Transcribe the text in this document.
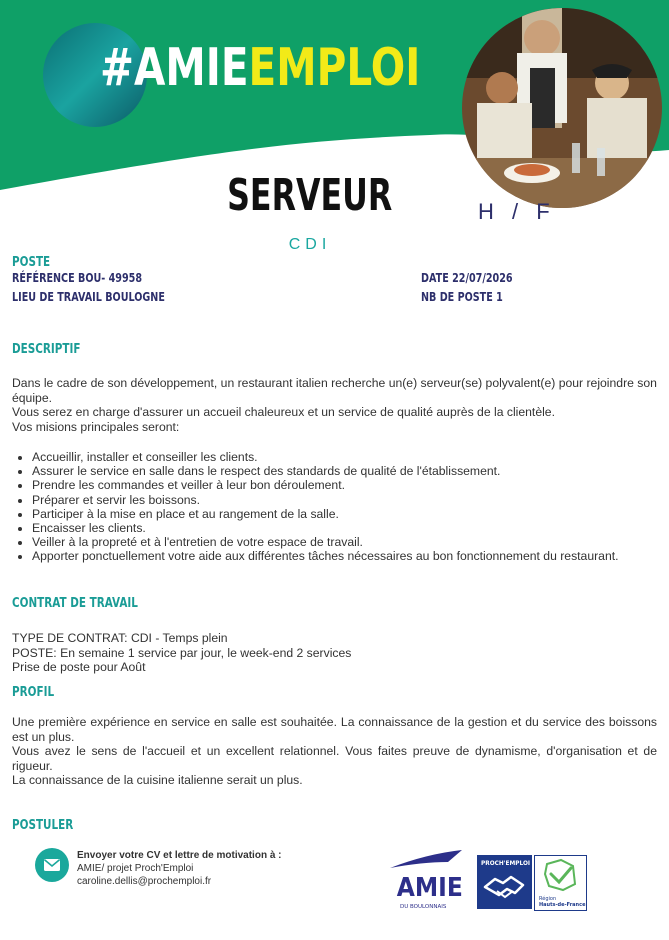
#AMIEEMPLOI
SERVEUR	H / F
CDI
POSTE
RÉFÉRENCE BOU- 49958
LIEU DE TRAVAIL BOULOGNE
DATE 22/07/2026
NB DE POSTE 1
DESCRIPTIF
Dans le cadre de son développement, un restaurant italien recherche un(e) serveur(se) polyvalent(e) pour rejoindre son équipe.
Vous serez en charge d'assurer un accueil chaleureux et un service de qualité auprès de la clientèle.
Vos misions principales seront:
• Accueillir, installer et conseiller les clients.
• Assurer le service en salle dans le respect des standards de qualité de l'établissement.
• Prendre les commandes et veiller à leur bon déroulement.
• Préparer et servir les boissons.
• Participer à la mise en place et au rangement de la salle.
• Encaisser les clients.
• Veiller à la propreté et à l'entretien de votre espace de travail.
• Apporter ponctuellement votre aide aux différentes tâches nécessaires au bon fonctionnement du restaurant.
CONTRAT DE TRAVAIL
TYPE DE CONTRAT: CDI - Temps plein
POSTE: En semaine 1 service par jour, le week-end 2 services
Prise de poste pour Août
PROFIL
Une première expérience en service en salle est souhaitée. La connaissance de la gestion et du service des boissons est un plus.
Vous avez le sens de l'accueil et un excellent relationnel. Vous faites preuve de dynamisme, d'organisation et de rigueur.
La connaissance de la cuisine italienne serait un plus.
POSTULER
Envoyer votre CV et lettre de motivation à :
AMIE/ projet Proch'Emploi
caroline.dellis@prochemploi.fr	AMIE
DU BOULONNAIS
PROCH'EMPLOI
Région
Hauts-de-France
